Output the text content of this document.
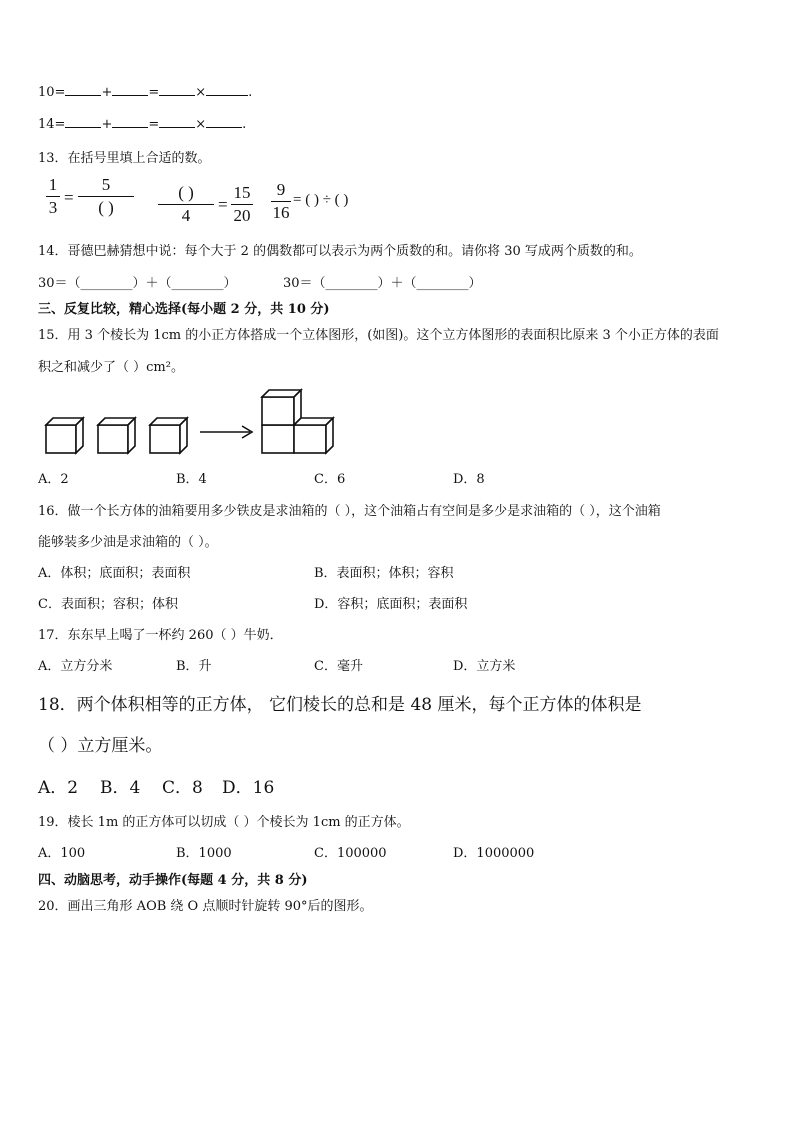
10=	+	=	×	.
14=	+	=	×	.
13．在括号里填上合适的数。
1
3
=
5
( )
( )
4
=
15
20
9
16
= ( ) ÷ ( )
14．哥德巴赫猜想中说：每个大于 2 的偶数都可以表示为两个质数的和。请你将 30 写成两个质数的和。
30＝（________）＋（________）	30＝（________）＋（________）
三、反复比较，精心选择(每小题 2 分，共 10 分)
15．用 3 个棱长为 1cm 的小正方体搭成一个立体图形，(如图)。这个立方体图形的表面积比原来 3 个小正方体的表面
积之和减少了（ ）cm²。
A．2	B．4	C．6	D．8
16．做一个长方体的油箱要用多少铁皮是求油箱的（ ），这个油箱占有空间是多少是求油箱的（ ），这个油箱
能够装多少油是求油箱的（ ）。
A．体积；底面积；表面积	B．表面积；体积；容积
C．表面积；容积；体积	D．容积；底面积；表面积
17．东东早上喝了一杯约 260（ ）牛奶．
A．立方分米	B．升	C．毫升	D．立方米
18．两个体积相等的正方体， 它们棱长的总和是 48 厘米，每个正方体的体积是
（ ）立方厘米。
A．2 B．4 C．8 D．16
19．棱长 1m 的正方体可以切成（ ）个棱长为 1cm 的正方体。
A．100	B．1000	C．100000	D．1000000
四、动脑思考，动手操作(每题 4 分，共 8 分)
20．画出三角形 AOB 绕 O 点顺时针旋转 90°后的图形。
